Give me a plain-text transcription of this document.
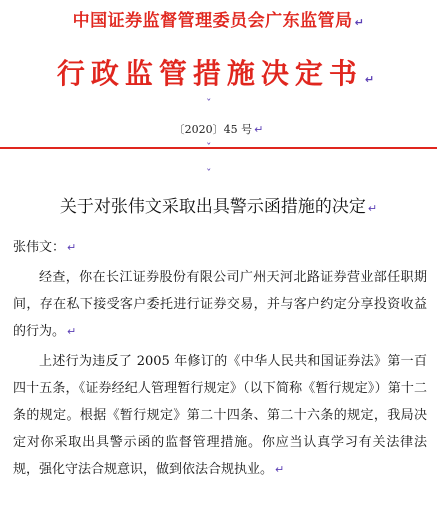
中国证券监督管理委员会广东监管局 ↵
行政监管措施决定书 ↵
ˇ
〔2020〕45 号 ↵
ˇ
ˇ
关于对张伟文采取出具警示函措施的决定 ↵
张伟文： ↵

经查，你在长江证券股份有限公司广州天河北路证券营业部任职期间，存在私下接受客户委托进行证券交易，并与客户约定分享投资收益的行为。 ↵

上述行为违反了 2005 年修订的《中华人民共和国证券法》第一百四十五条，《证券经纪人管理暂行规定》（以下简称《暂行规定》）第十二条的规定。根据《暂行规定》第二十四条、第二十六条的规定，我局决定对你采取出具警示函的监督管理措施。你应当认真学习有关法律法规，强化守法合规意识，做到依法合规执业。 ↵
